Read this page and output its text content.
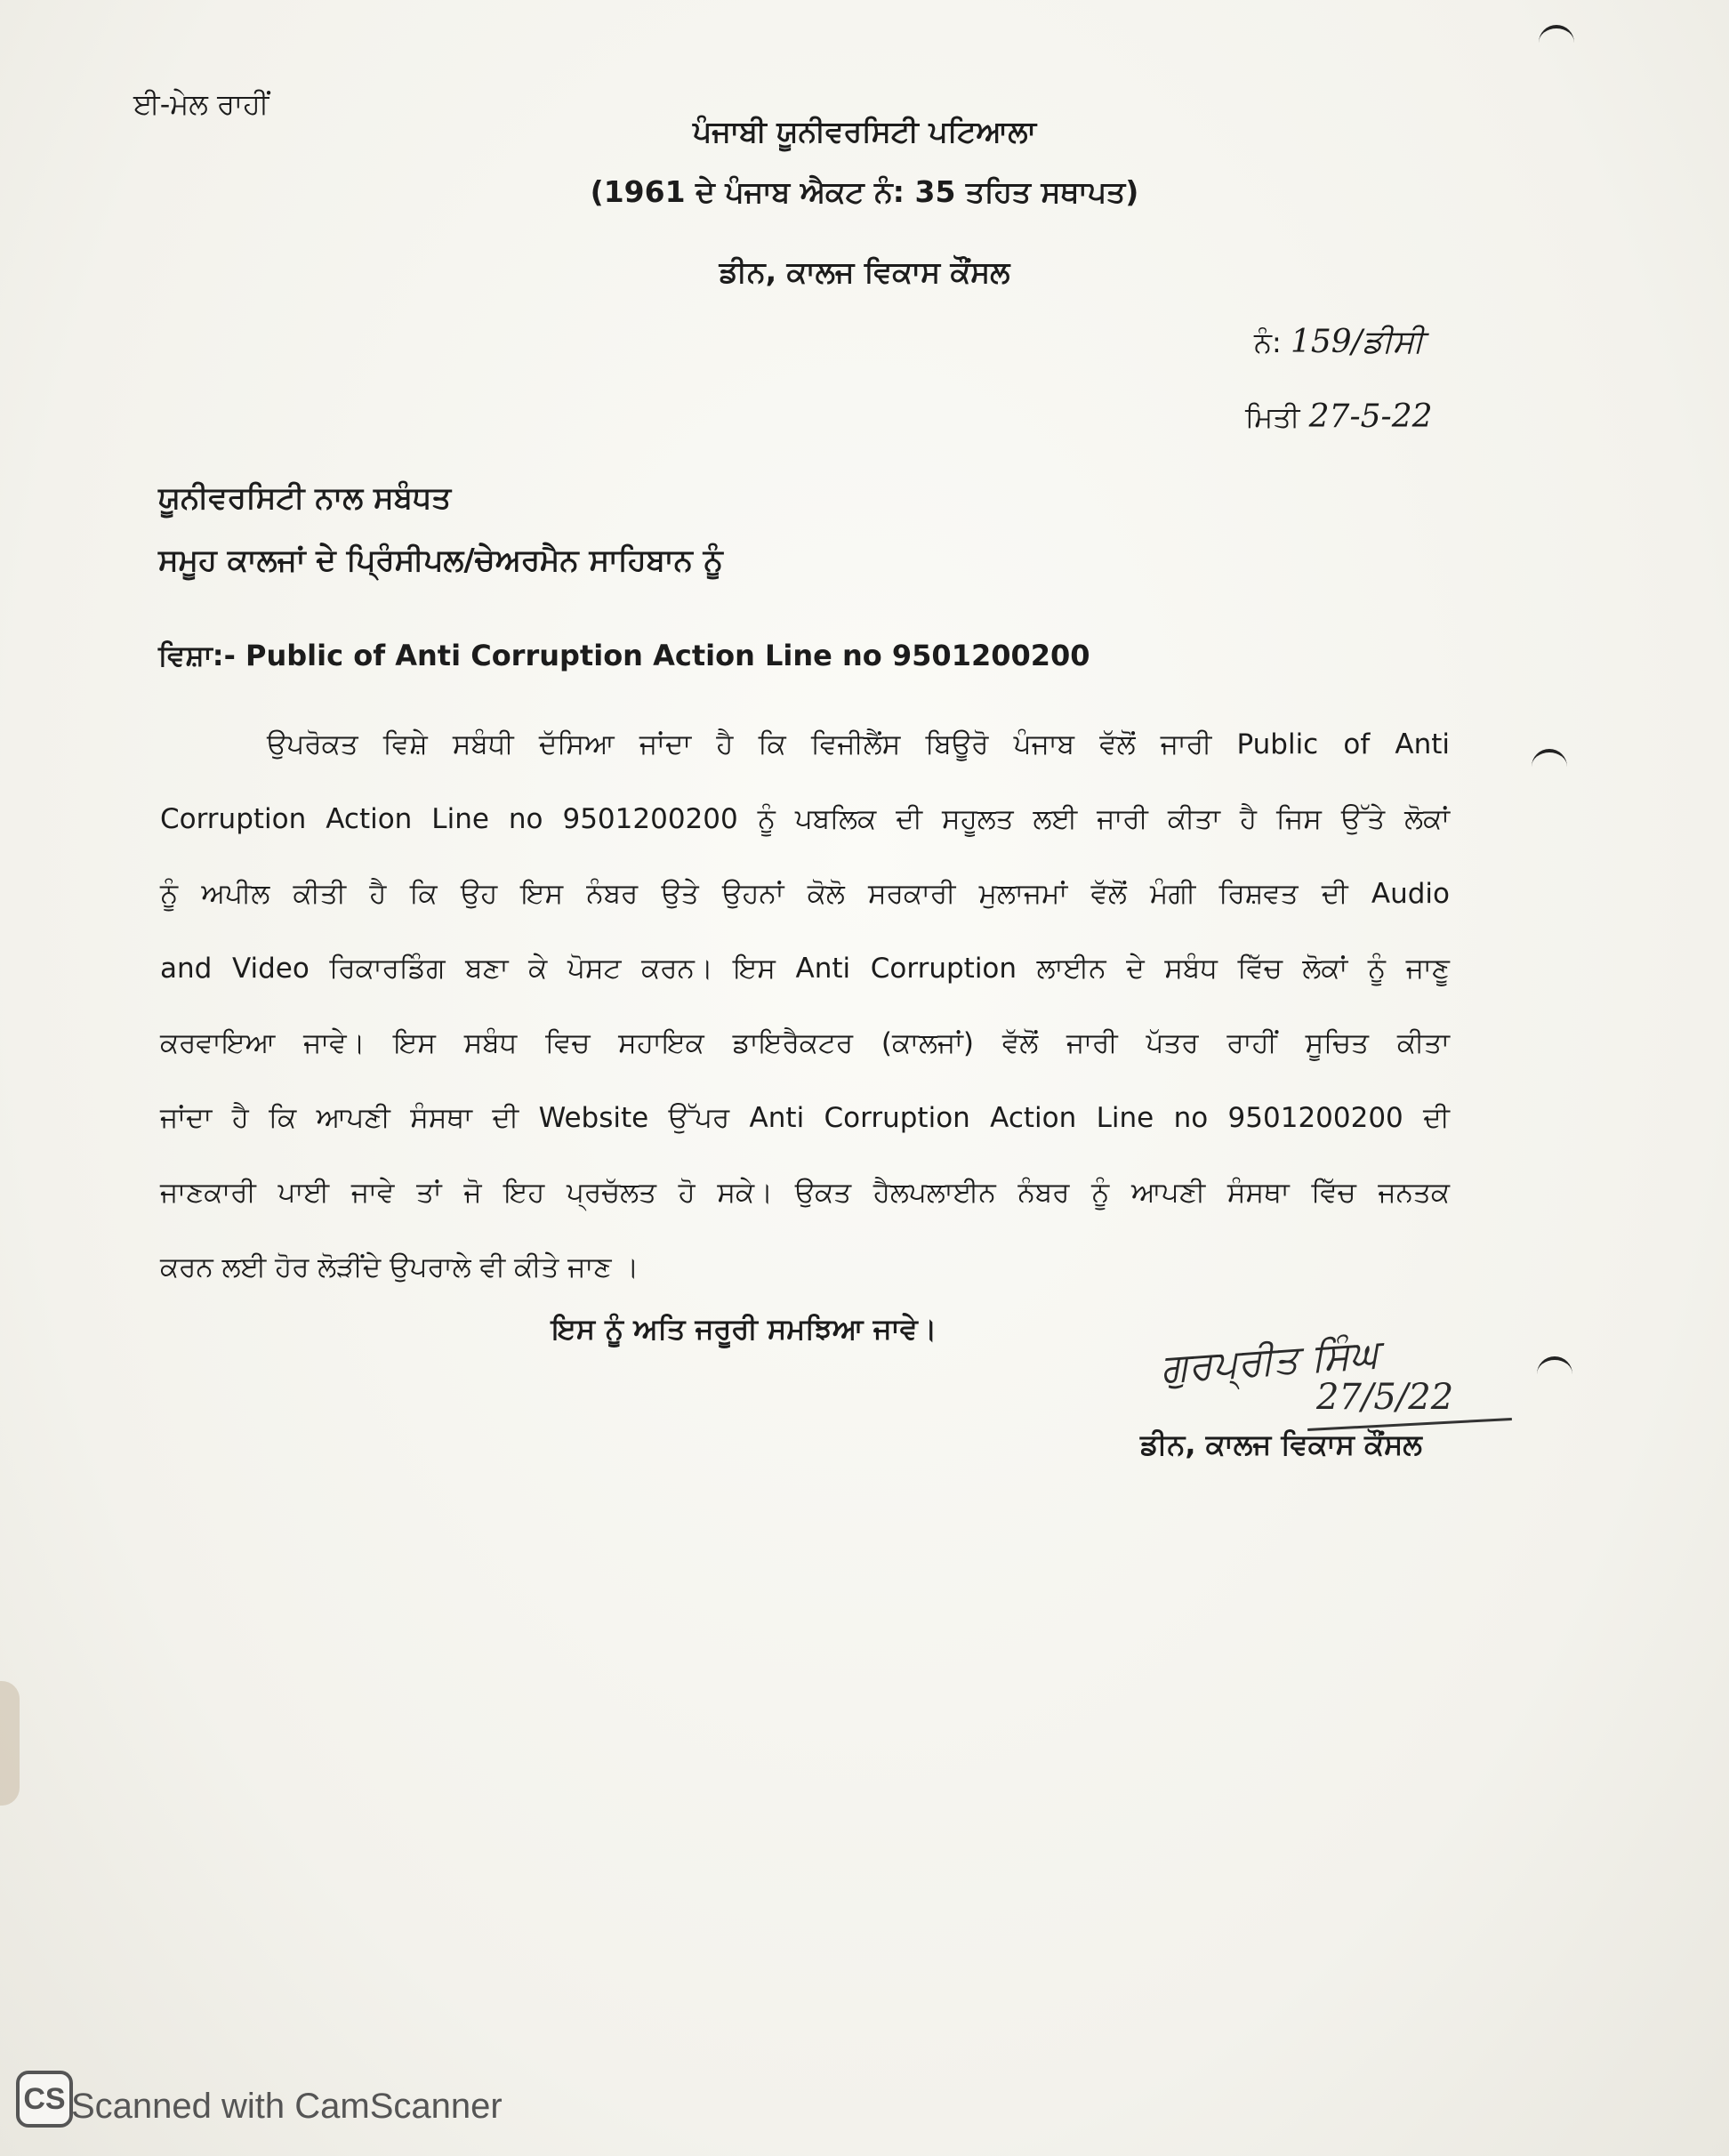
ਈ-ਮੇਲ ਰਾਹੀਂ
ਪੰਜਾਬੀ ਯੂਨੀਵਰਸਿਟੀ ਪਟਿਆਲਾ
(1961 ਦੇ ਪੰਜਾਬ ਐਕਟ ਨੰ: 35 ਤਹਿਤ ਸਥਾਪਤ)
ਡੀਨ, ਕਾਲਜ ਵਿਕਾਸ ਕੌਂਸਲ
ਨੰ: 159/ਡੀਸੀ
ਮਿਤੀ 27-5-22
ਯੂਨੀਵਰਸਿਟੀ ਨਾਲ ਸਬੰਧਤ
ਸਮੂਹ ਕਾਲਜਾਂ ਦੇ ਪ੍ਰਿੰਸੀਪਲ/ਚੇਅਰਮੈਨ ਸਾਹਿਬਾਨ ਨੂੰ
ਵਿਸ਼ਾ:- Public of Anti Corruption Action Line no 9501200200
ਉਪਰੋਕਤ ਵਿਸ਼ੇ ਸਬੰਧੀ ਦੱਸਿਆ ਜਾਂਦਾ ਹੈ ਕਿ ਵਿਜੀਲੈਂਸ ਬਿਊਰੋ ਪੰਜਾਬ ਵੱਲੋਂ ਜਾਰੀ Public of Anti
Corruption Action Line no 9501200200 ਨੂੰ ਪਬਲਿਕ ਦੀ ਸਹੂਲਤ ਲਈ ਜਾਰੀ ਕੀਤਾ ਹੈ ਜਿਸ ਉੱਤੇ ਲੋਕਾਂ
ਨੂੰ ਅਪੀਲ ਕੀਤੀ ਹੈ ਕਿ ਉਹ ਇਸ ਨੰਬਰ ਉਤੇ ਉਹਨਾਂ ਕੋਲੋ ਸਰਕਾਰੀ ਮੁਲਾਜਮਾਂ ਵੱਲੋਂ ਮੰਗੀ ਰਿਸ਼ਵਤ ਦੀ Audio
and Video ਰਿਕਾਰਡਿੰਗ ਬਣਾ ਕੇ ਪੋਸਟ ਕਰਨ। ਇਸ Anti Corruption ਲਾਈਨ ਦੇ ਸਬੰਧ ਵਿੱਚ ਲੋਕਾਂ ਨੂੰ ਜਾਣੂ
ਕਰਵਾਇਆ ਜਾਵੇ। ਇਸ ਸਬੰਧ ਵਿਚ ਸਹਾਇਕ ਡਾਇਰੈਕਟਰ (ਕਾਲਜਾਂ) ਵੱਲੋਂ ਜਾਰੀ ਪੱਤਰ ਰਾਹੀਂ ਸੂਚਿਤ ਕੀਤਾ
ਜਾਂਦਾ ਹੈ ਕਿ ਆਪਣੀ ਸੰਸਥਾ ਦੀ Website ਉੱਪਰ Anti Corruption Action Line no 9501200200 ਦੀ
ਜਾਣਕਾਰੀ ਪਾਈ ਜਾਵੇ ਤਾਂ ਜੋ ਇਹ ਪ੍ਰਚੱਲਤ ਹੋ ਸਕੇ। ਉਕਤ ਹੈਲਪਲਾਈਨ ਨੰਬਰ ਨੂੰ ਆਪਣੀ ਸੰਸਥਾ ਵਿੱਚ ਜਨਤਕ
ਕਰਨ ਲਈ ਹੋਰ ਲੋੜੀਂਦੇ ਉਪਰਾਲੇ ਵੀ ਕੀਤੇ ਜਾਣ ।
ਇਸ ਨੂੰ ਅਤਿ ਜਰੂਰੀ ਸਮਝਿਆ ਜਾਵੇ।
ਗੁਰਪ੍ਰੀਤ ਸਿੰਘ
27/5/22
ਡੀਨ, ਕਾਲਜ ਵਿਕਾਸ ਕੌਂਸਲ
CS Scanned with CamScanner
